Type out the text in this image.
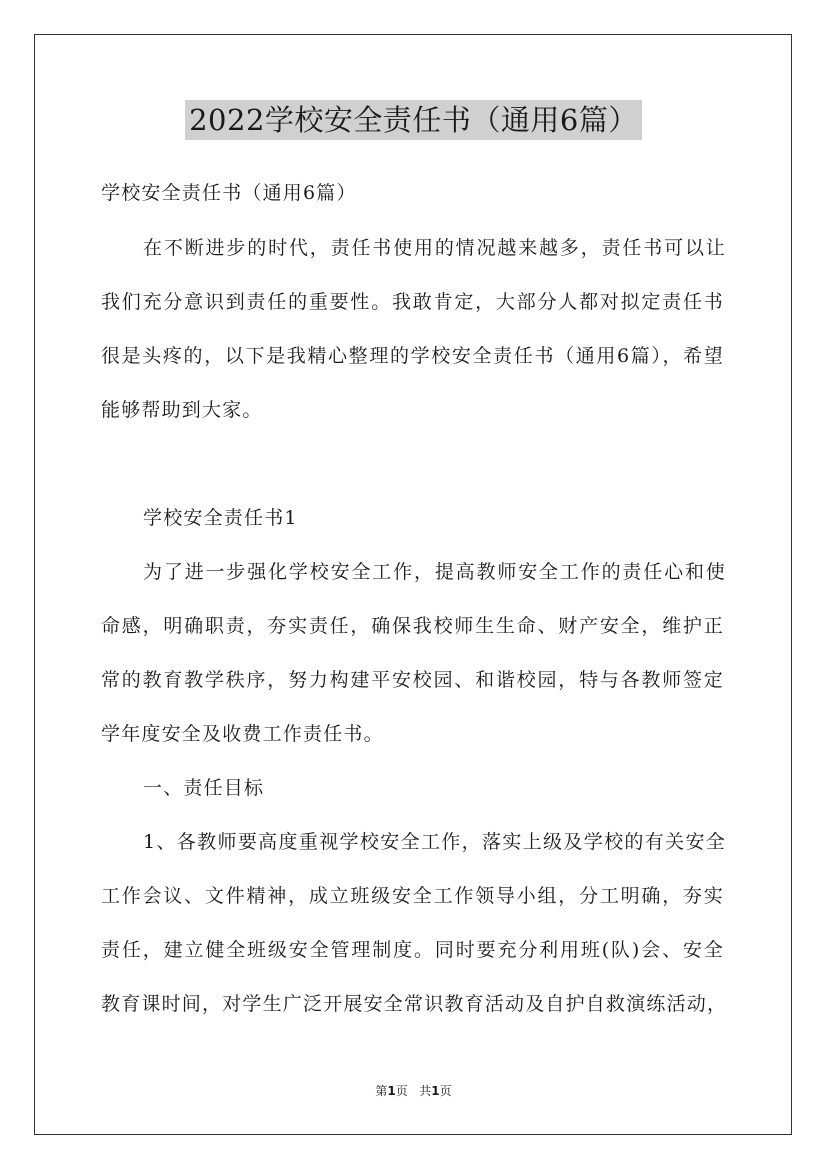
2022学校安全责任书（通用6篇）
学校安全责任书（通用6篇）
在不断进步的时代，责任书使用的情况越来越多，责任书可以让
我们充分意识到责任的重要性。我敢肯定，大部分人都对拟定责任书
很是头疼的，以下是我精心整理的学校安全责任书（通用6篇），希望
能够帮助到大家。
学校安全责任书1
为了进一步强化学校安全工作，提高教师安全工作的责任心和使
命感，明确职责，夯实责任，确保我校师生生命、财产安全，维护正
常的教育教学秩序，努力构建平安校园、和谐校园，特与各教师签定
学年度安全及收费工作责任书。
一、责任目标
1、各教师要高度重视学校安全工作，落实上级及学校的有关安全
工作会议、文件精神，成立班级安全工作领导小组，分工明确，夯实
责任，建立健全班级安全管理制度。同时要充分利用班(队)会、安全
教育课时间，对学生广泛开展安全常识教育活动及自护自救演练活动，
第1页   共1页
